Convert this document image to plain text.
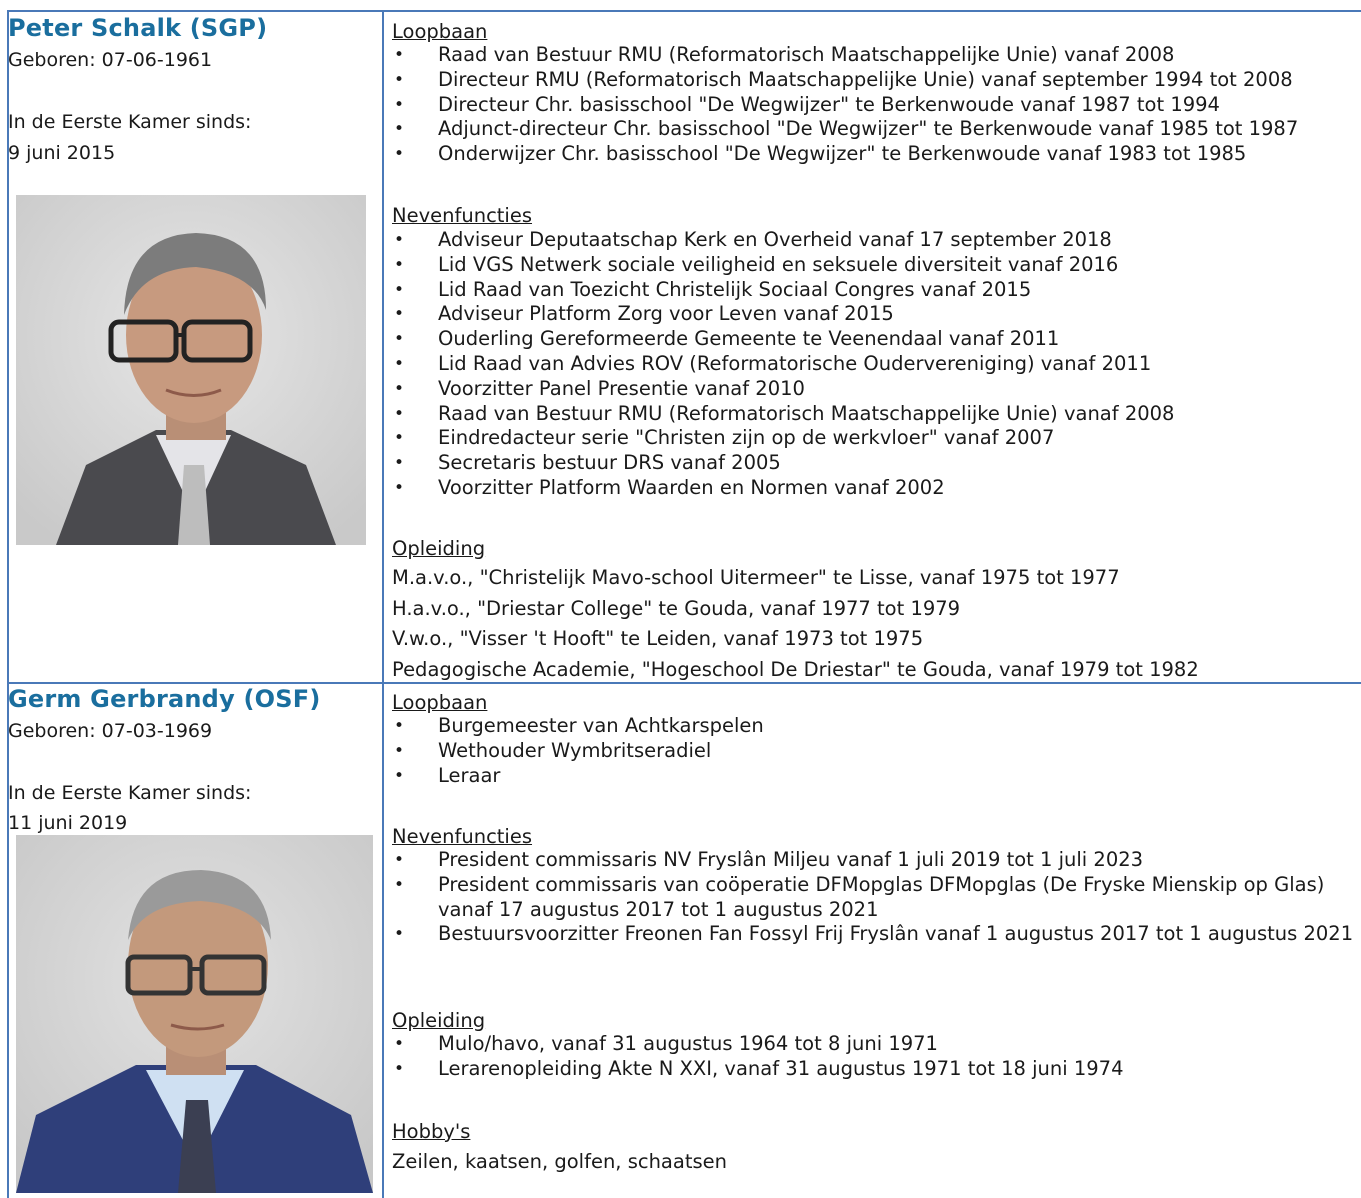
Peter Schalk (SGP)
Geboren: 07-06-1961
In de Eerste Kamer sinds:
9 juni 2015
Loopbaan
• Raad van Bestuur RMU (Reformatorisch Maatschappelijke Unie) vanaf 2008
• Directeur RMU (Reformatorisch Maatschappelijke Unie) vanaf september 1994 tot 2008
• Directeur Chr. basisschool "De Wegwijzer" te Berkenwoude vanaf 1987 tot 1994
• Adjunct-directeur Chr. basisschool "De Wegwijzer" te Berkenwoude vanaf 1985 tot 1987
• Onderwijzer Chr. basisschool "De Wegwijzer" te Berkenwoude vanaf 1983 tot 1985
Nevenfuncties
• Adviseur Deputaatschap Kerk en Overheid vanaf 17 september 2018
• Lid VGS Netwerk sociale veiligheid en seksuele diversiteit vanaf 2016
• Lid Raad van Toezicht Christelijk Sociaal Congres vanaf 2015
• Adviseur Platform Zorg voor Leven vanaf 2015
• Ouderling Gereformeerde Gemeente te Veenendaal vanaf 2011
• Lid Raad van Advies ROV (Reformatorische Oudervereniging) vanaf 2011
• Voorzitter Panel Presentie vanaf 2010
• Raad van Bestuur RMU (Reformatorisch Maatschappelijke Unie) vanaf 2008
• Eindredacteur serie "Christen zijn op de werkvloer" vanaf 2007
• Secretaris bestuur DRS vanaf 2005
• Voorzitter Platform Waarden en Normen vanaf 2002
Opleiding
M.a.v.o., "Christelijk Mavo-school Uitermeer" te Lisse, vanaf 1975 tot 1977
H.a.v.o., "Driestar College" te Gouda, vanaf 1977 tot 1979
V.w.o., "Visser 't Hooft" te Leiden, vanaf 1973 tot 1975
Pedagogische Academie, "Hogeschool De Driestar" te Gouda, vanaf 1979 tot 1982
Germ Gerbrandy (OSF)
Geboren: 07-03-1969
In de Eerste Kamer sinds:
11 juni 2019
Loopbaan
• Burgemeester van Achtkarspelen
• Wethouder Wymbritseradiel
• Leraar
Nevenfuncties
• President commissaris NV Fryslân Miljeu vanaf 1 juli 2019 tot 1 juli 2023
• President commissaris van coöperatie DFMopglas DFMopglas (De Fryske Mienskip op Glas) vanaf 17 augustus 2017 tot 1 augustus 2021
• Bestuursvoorzitter Freonen Fan Fossyl Frij Fryslân vanaf 1 augustus 2017 tot 1 augustus 2021
Opleiding
• Mulo/havo, vanaf 31 augustus 1964 tot 8 juni 1971
• Lerarenopleiding Akte N XXI, vanaf 31 augustus 1971 tot 18 juni 1974
Hobby's
Zeilen, kaatsen, golfen, schaatsen
